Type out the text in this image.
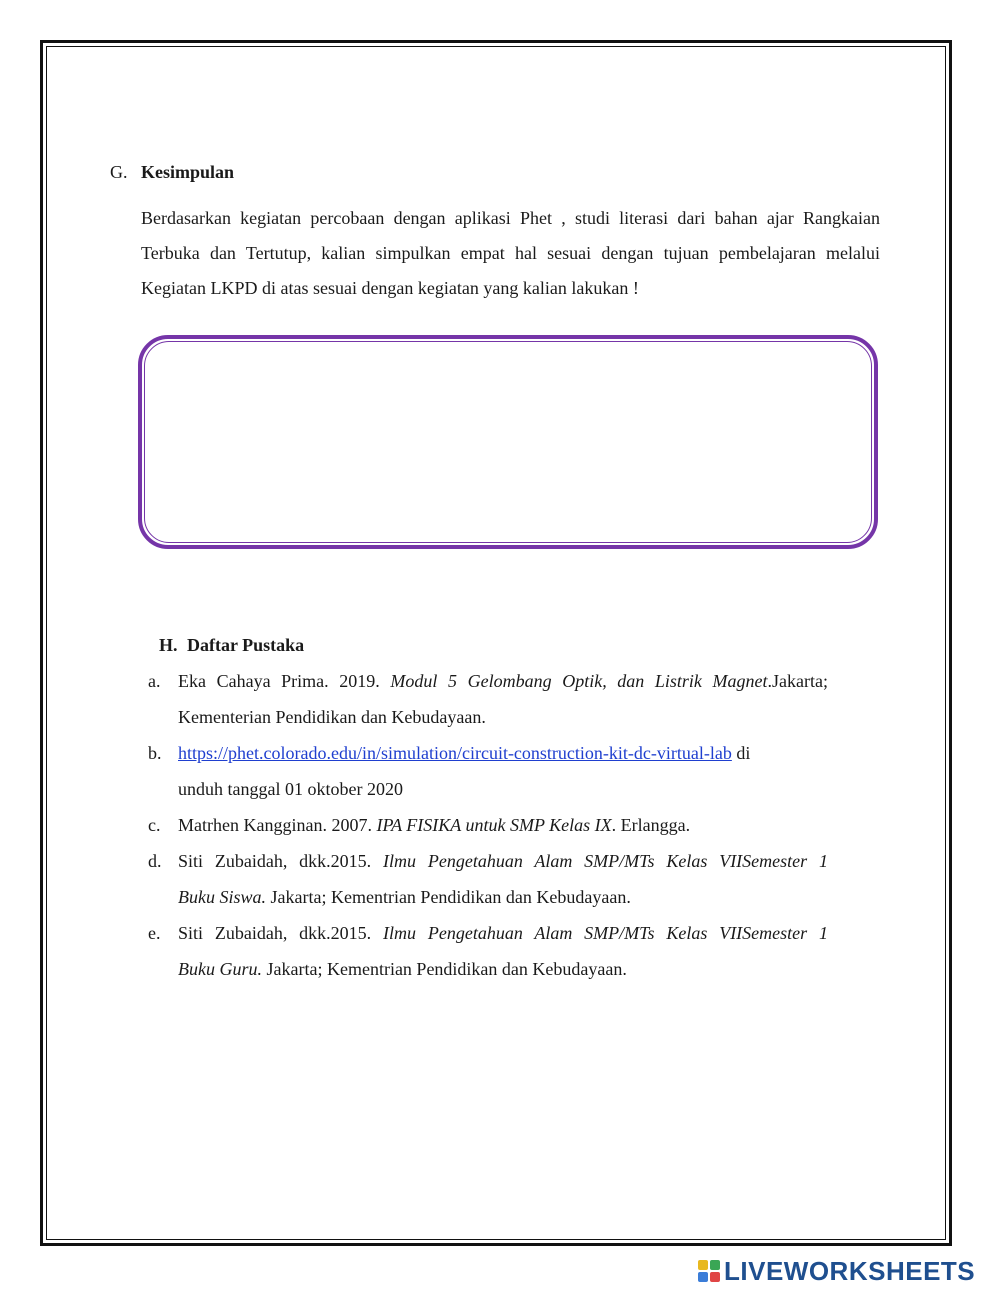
G. Kesimpulan
Berdasarkan kegiatan percobaan dengan aplikasi Phet , studi literasi dari bahan ajar Rangkaian
Terbuka dan Tertutup, kalian simpulkan empat hal sesuai dengan tujuan pembelajaran melalui
Kegiatan LKPD di atas sesuai dengan kegiatan yang kalian lakukan !
H. Daftar Pustaka
a. Eka Cahaya Prima. 2019. Modul 5 Gelombang Optik, dan Listrik Magnet.Jakarta;
Kementerian Pendidikan dan Kebudayaan.
b. https://phet.colorado.edu/in/simulation/circuit-construction-kit-dc-virtual-lab di
unduh tanggal 01 oktober 2020
c. Matrhen Kangginan. 2007. IPA FISIKA untuk SMP Kelas IX. Erlangga.
d. Siti Zubaidah, dkk.2015. Ilmu Pengetahuan Alam SMP/MTs Kelas VIISemester 1
Buku Siswa. Jakarta; Kementrian Pendidikan dan Kebudayaan.
e. Siti Zubaidah, dkk.2015. Ilmu Pengetahuan Alam SMP/MTs Kelas VIISemester 1
Buku Guru. Jakarta; Kementrian Pendidikan dan Kebudayaan.
LIVEWORKSHEETS
